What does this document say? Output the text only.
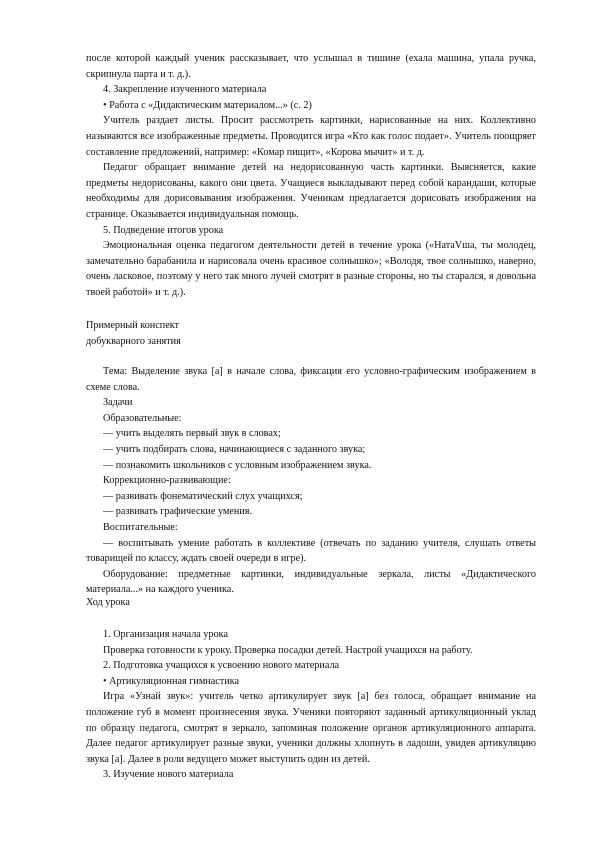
после которой каждый ученик рассказывает, что услышал в тишине (ехала машина, упала ручка, скрипнула парта и т. д.).

4. Закрепление изученного материала

• Работа с «Дидактическим материалом...» (с. 2)

Учитель раздает листы. Просит рассмотреть картинки, нарисованные на них. Коллективно называются все изображенные предметы. Проводится игра «Кто как голос подает». Учитель поощряет составление предложений, например: «Комар пищит», «Корова мычит» и т. д.

Педагог обращает внимание детей на недорисованную часть картинки. Выясняется, какие предметы недорисованы, какого они цвета. Учащиеся выкладывают перед собой карандаши, которые необходимы для дорисовывания изображения. Ученикам предлагается дорисовать изображения на странице. Оказывается индивидуальная помощь.

5. Подведение итогов урока

Эмоциональная оценка педагогом деятельности детей в течение урока («НатаVша, ты молодец, замечательно барабанила и нарисовала очень красивое солнышко»; «Володя, твое солнышко, наверно, очень ласковое, поэтому у него так много лучей смотрят в разные стороны, но ты старался, я довольна твоей работой» и т. д.).

Примерный конспект

добукварного занятия

Тема: Выделение звука [а] в начале слова, фиксация его условно-графическим изображением в схеме слова.

Задачи

Образовательные:

— учить выделять первый звук в словах;

— учить подбирать слова, начинающиеся с заданного звука;

— познакомить школьников с условным изображением звука.

Коррекционно-развивающие:

— развивать фонематический слух учащихся;

— развивать графические умения.

Воспитательные:

— воспитывать умение работать в коллективе (отвечать по заданию учителя, слушать ответы товарищей по классу, ждать своей очереди в игре).

Оборудование: предметные картинки, индивидуальные зеркала, листы «Дидактического материала...» на каждого ученика.

Ход урока

1. Организация начала урока

Проверка готовности к уроку. Проверка посадки детей. Настрой учащихся на работу.

2. Подготовка учащихся к усвоению нового материала

• Артикуляционная гимнастика

Игра «Узнай звук»: учитель четко артикулирует звук [а] без голоса, обращает внимание на положение губ в момент произнесения звука. Ученики повторяют заданный артикуляционный уклад по образцу педагога, смотрят в зеркало, запоминая положение органов артикуляционного аппарата. Далее педагог артикулирует разные звуки, ученики должны хлопнуть в ладоши, увидев артикуляцию звука [а]. Далее в роли ведущего может выступить один из детей.

3. Изучение нового материала
